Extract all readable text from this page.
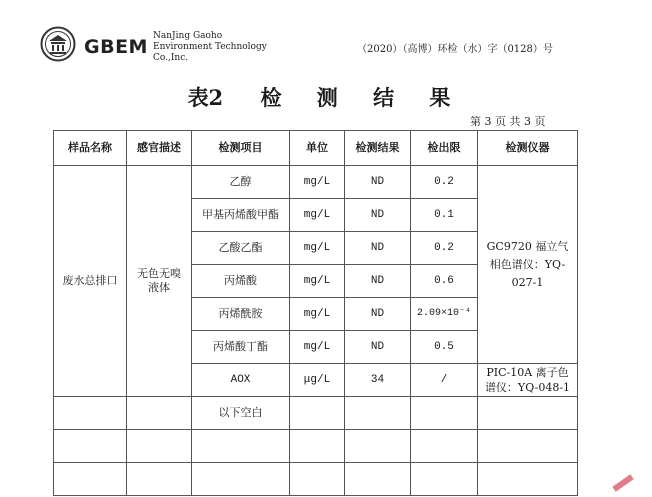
GBEM NanJing Gaoho
Environment Technology
Co.,Inc.
（2020）（高博）环检（水）字（0128）号
表2 检 测 结 果
第 3 页 共 3 页
样品名称	感官描述	检测项目	单位	检测结果	检出限	检测仪器
废水总排口	无色无嗅液体	乙醇	mg/L	ND	0.2	GC9720 福立气相色谱仪：YQ-027-1
		甲基丙烯酸甲酯	mg/L	ND	0.1	
		乙酸乙酯	mg/L	ND	0.2	
		丙烯酸	mg/L	ND	0.6	
		丙烯酰胺	mg/L	ND	2.09×10⁻⁴	
		丙烯酸丁酯	mg/L	ND	0.5	
		AOX	μg/L	34	/	PIC-10A 离子色谱仪：YQ-048-1
		以下空白				
